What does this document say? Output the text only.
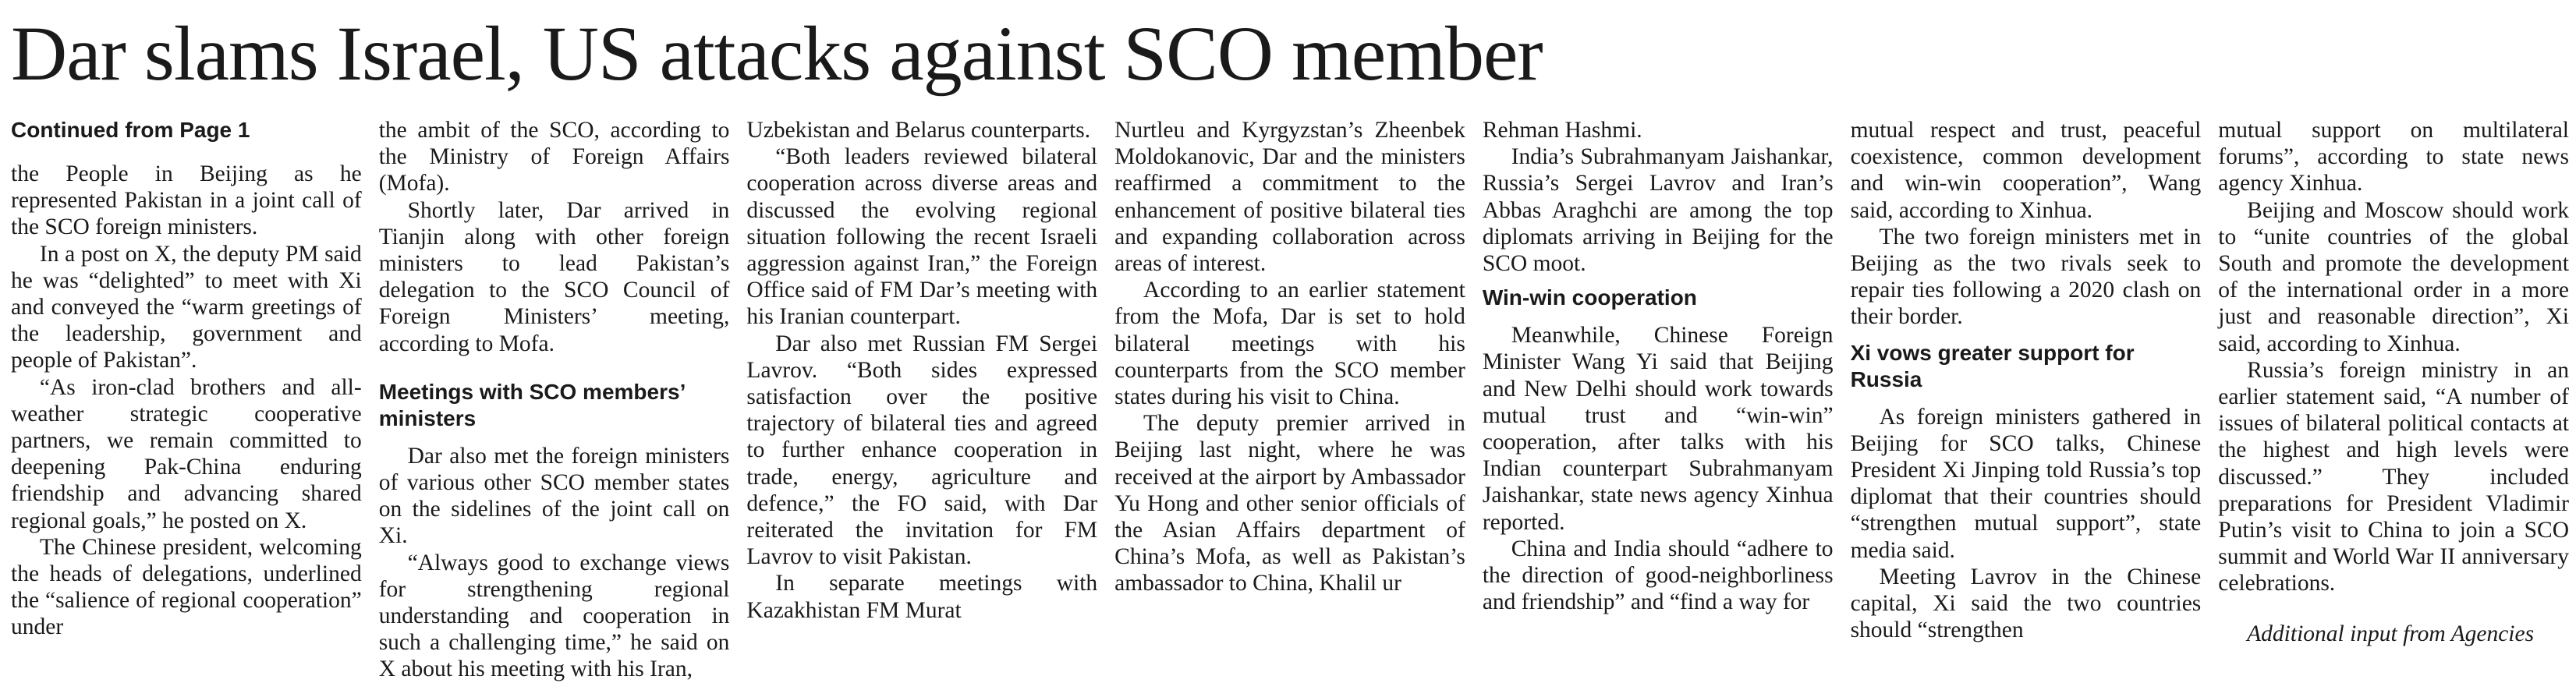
Dar slams Israel, US attacks against SCO member
Continued from Page 1

the People in Beijing as he represented Pakistan in a joint call of the SCO foreign ministers.

In a post on X, the deputy PM said he was “delighted” to meet with Xi and conveyed the “warm greetings of the leadership, government and people of Pakistan”.

“As iron-clad brothers and all-weather strategic cooperative partners, we remain committed to deepening Pak-China enduring friendship and advancing shared regional goals,” he posted on X.

The Chinese president, welcoming the heads of delegations, underlined the “salience of regional cooperation” under

the ambit of the SCO, according to the Ministry of Foreign Affairs (Mofa).

Shortly later, Dar arrived in Tianjin along with other foreign ministers to lead Pakistan’s delegation to the SCO Council of Foreign Ministers’ meeting, according to Mofa.

Meetings with SCO members’ ministers

Dar also met the foreign ministers of various other SCO member states on the sidelines of the joint call on Xi.

“Always good to exchange views for strengthening regional understanding and cooperation in such a challenging time,” he said on X about his meeting with his Iran,

Uzbekistan and Belarus counterparts.

“Both leaders reviewed bilateral cooperation across diverse areas and discussed the evolving regional situation following the recent Israeli aggression against Iran,” the Foreign Office said of FM Dar’s meeting with his Iranian counterpart.

Dar also met Russian FM Sergei Lavrov. “Both sides expressed satisfaction over the positive trajectory of bilateral ties and agreed to further enhance cooperation in trade, energy, agriculture and defence,” the FO said, with Dar reiterated the invitation for FM Lavrov to visit Pakistan.

In separate meetings with Kazakhistan FM Murat

Nurtleu and Kyrgyzstan’s Zheenbek Moldokanovic, Dar and the ministers reaffirmed a commitment to the enhancement of positive bilateral ties and expanding collaboration across areas of interest.

According to an earlier statement from the Mofa, Dar is set to hold bilateral meetings with his counterparts from the SCO member states during his visit to China.

The deputy premier arrived in Beijing last night, where he was received at the airport by Ambassador Yu Hong and other senior officials of the Asian Affairs department of China’s Mofa, as well as Pakistan’s ambassador to China, Khalil ur

Rehman Hashmi.

India’s Subrahmanyam Jaishankar, Russia’s Sergei Lavrov and Iran’s Abbas Araghchi are among the top diplomats arriving in Beijing for the SCO moot.

Win-win cooperation

Meanwhile, Chinese Foreign Minister Wang Yi said that Beijing and New Delhi should work towards mutual trust and “win-win” cooperation, after talks with his Indian counterpart Subrahmanyam Jaishankar, state news agency Xinhua reported.

China and India should “adhere to the direction of good-neighborliness and friendship” and “find a way for

mutual respect and trust, peaceful coexistence, common development and win-win cooperation”, Wang said, according to Xinhua.

The two foreign ministers met in Beijing as the two rivals seek to repair ties following a 2020 clash on their border.

Xi vows greater support for Russia

As foreign ministers gathered in Beijing for SCO talks, Chinese President Xi Jinping told Russia’s top diplomat that their countries should “strengthen mutual support”, state media said.

Meeting Lavrov in the Chinese capital, Xi said the two countries should “strengthen

mutual support on multilateral forums”, according to state news agency Xinhua.

Beijing and Moscow should work to “unite countries of the global South and promote the development of the international order in a more just and reasonable direction”, Xi said, according to Xinhua.

Russia’s foreign ministry in an earlier statement said, “A number of issues of bilateral political contacts at the highest and high levels were discussed.” They included preparations for President Vladimir Putin’s visit to China to join a SCO summit and World War II anniversary celebrations.

Additional input from Agencies
